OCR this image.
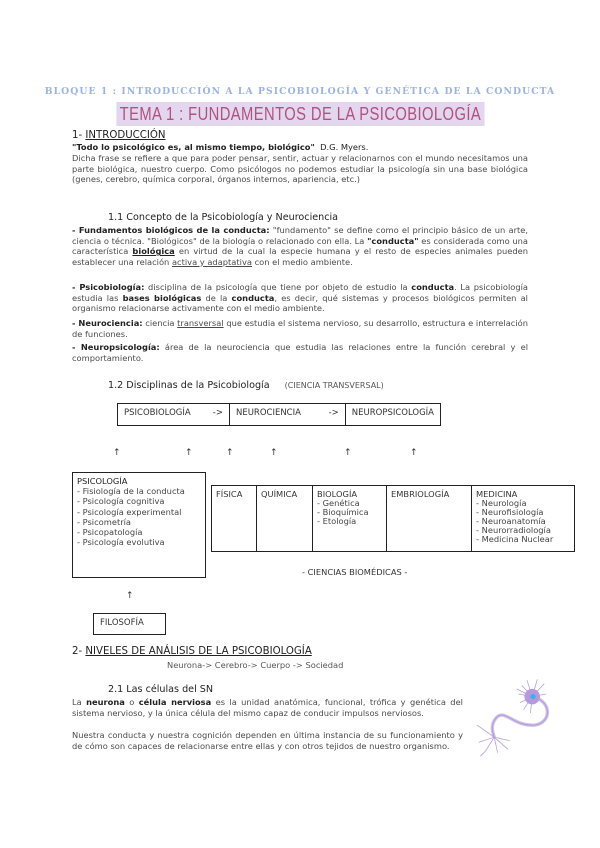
BLOQUE 1 : INTRODUCCIÓN A LA PSICOBIOLOGÍA Y GENÉTICA DE LA CONDUCTA
TEMA 1 : FUNDAMENTOS DE LA PSICOBIOLOGÍA
1- INTRODUCCIÓN
"Todo lo psicológico es, al mismo tiempo, biológico" D.G. Myers.
Dicha frase se refiere a que para poder pensar, sentir, actuar y relacionarnos con el mundo necesitamos una parte biológica, nuestro cuerpo. Como psicólogos no podemos estudiar la psicología sin una base biológica (genes, cerebro, química corporal, órganos internos, apariencia, etc.)
1.1 Concepto de la Psicobiología y Neurociencia
- Fundamentos biológicos de la conducta: "fundamento" se define como el principio básico de un arte, ciencia o técnica. "Biológicos" de la biología o relacionado con ella. La "conducta" es considerada como una característica biológica en virtud de la cual la especie humana y el resto de especies animales pueden establecer una relación activa y adaptativa con el medio ambiente.
- Psicobiología: disciplina de la psicología que tiene por objeto de estudio la conducta. La psicobiología estudia las bases biológicas de la conducta, es decir, qué sistemas y procesos biológicos permiten al organismo relacionarse activamente con el medio ambiente.
- Neurociencia: ciencia transversal que estudia el sistema nervioso, su desarrollo, estructura e interrelación de funciones.
- Neuropsicología: área de la neurociencia que estudia las relaciones entre la función cerebral y el comportamiento.
1.2 Disciplinas de la Psicobiología (CIENCIA TRANSVERSAL)
PSICOBIOLOGÍA	-> NEUROCIENCIA	->	NEUROPSICOLOGÍA
↑	↑	↑	↑	↑	↑
PSICOLOGÍA
- Fisiología de la conducta
- Psicología cognitiva
- Psicología experimental
- Psicometría
- Psicopatología
- Psicología evolutiva
FÍSICA	QUÍMICA	BIOLOGÍA
- Genética
- Bioquímica
- Etología

EMBRIOLOGÍA	MEDICINA
- Neurología
- Neurofisiología
- Neuroanatomía
- Neurorradiología
- Medicina Nuclear
- CIENCIAS BIOMÉDICAS -
↑
FILOSOFÍA
2- NIVELES DE ANÁLISIS DE LA PSICOBIOLOGÍA
Neurona-> Cerebro-> Cuerpo -> Sociedad
2.1 Las células del SN
La neurona o célula nerviosa es la unidad anatómica, funcional, trófica y genética del sistema nervioso, y la única célula del mismo capaz de conducir impulsos nerviosos.
Nuestra conducta y nuestra cognición dependen en última instancia de su funcionamiento y de cómo son capaces de relacionarse entre ellas y con otros tejidos de nuestro organismo.
